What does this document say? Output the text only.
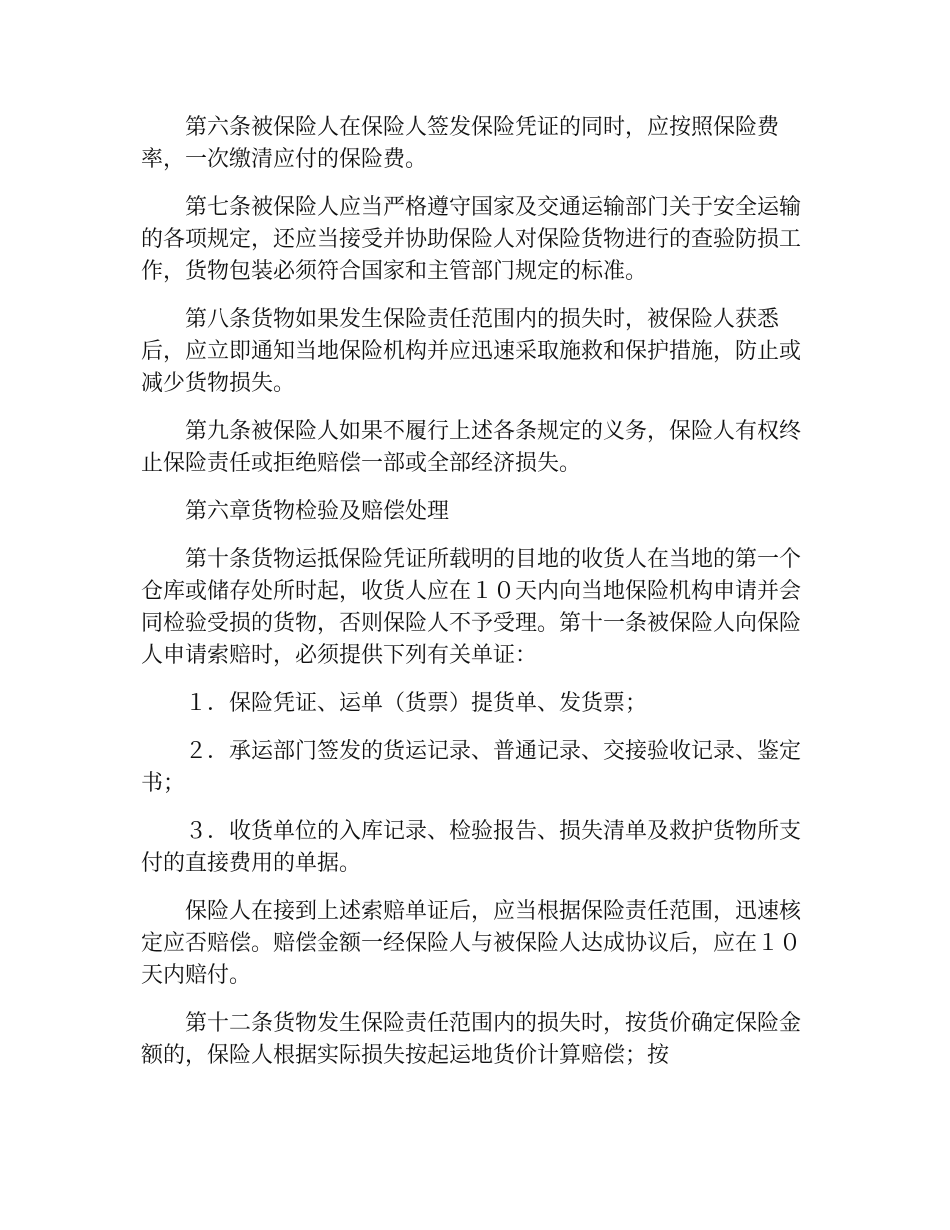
第六条被保险人在保险人签发保险凭证的同时，应按照保险费率，一次缴清应付的保险费。

第七条被保险人应当严格遵守国家及交通运输部门关于安全运输的各项规定，还应当接受并协助保险人对保险货物进行的查验防损工作，货物包装必须符合国家和主管部门规定的标准。

第八条货物如果发生保险责任范围内的损失时，被保险人获悉后，应立即通知当地保险机构并应迅速采取施救和保护措施，防止或减少货物损失。

第九条被保险人如果不履行上述各条规定的义务，保险人有权终止保险责任或拒绝赔偿一部或全部经济损失。

第六章货物检验及赔偿处理

第十条货物运抵保险凭证所载明的目地的收货人在当地的第一个仓库或储存处所时起，收货人应在１０天内向当地保险机构申请并会同检验受损的货物，否则保险人不予受理。第十一条被保险人向保险人申请索赔时，必须提供下列有关单证：

１．保险凭证、运单（货票）提货单、发货票；

２．承运部门签发的货运记录、普通记录、交接验收记录、鉴定书；

３．收货单位的入库记录、检验报告、损失清单及救护货物所支付的直接费用的单据。

保险人在接到上述索赔单证后，应当根据保险责任范围，迅速核定应否赔偿。赔偿金额一经保险人与被保险人达成协议后，应在１０天内赔付。

第十二条货物发生保险责任范围内的损失时，按货价确定保险金额的，保险人根据实际损失按起运地货价计算赔偿；按
